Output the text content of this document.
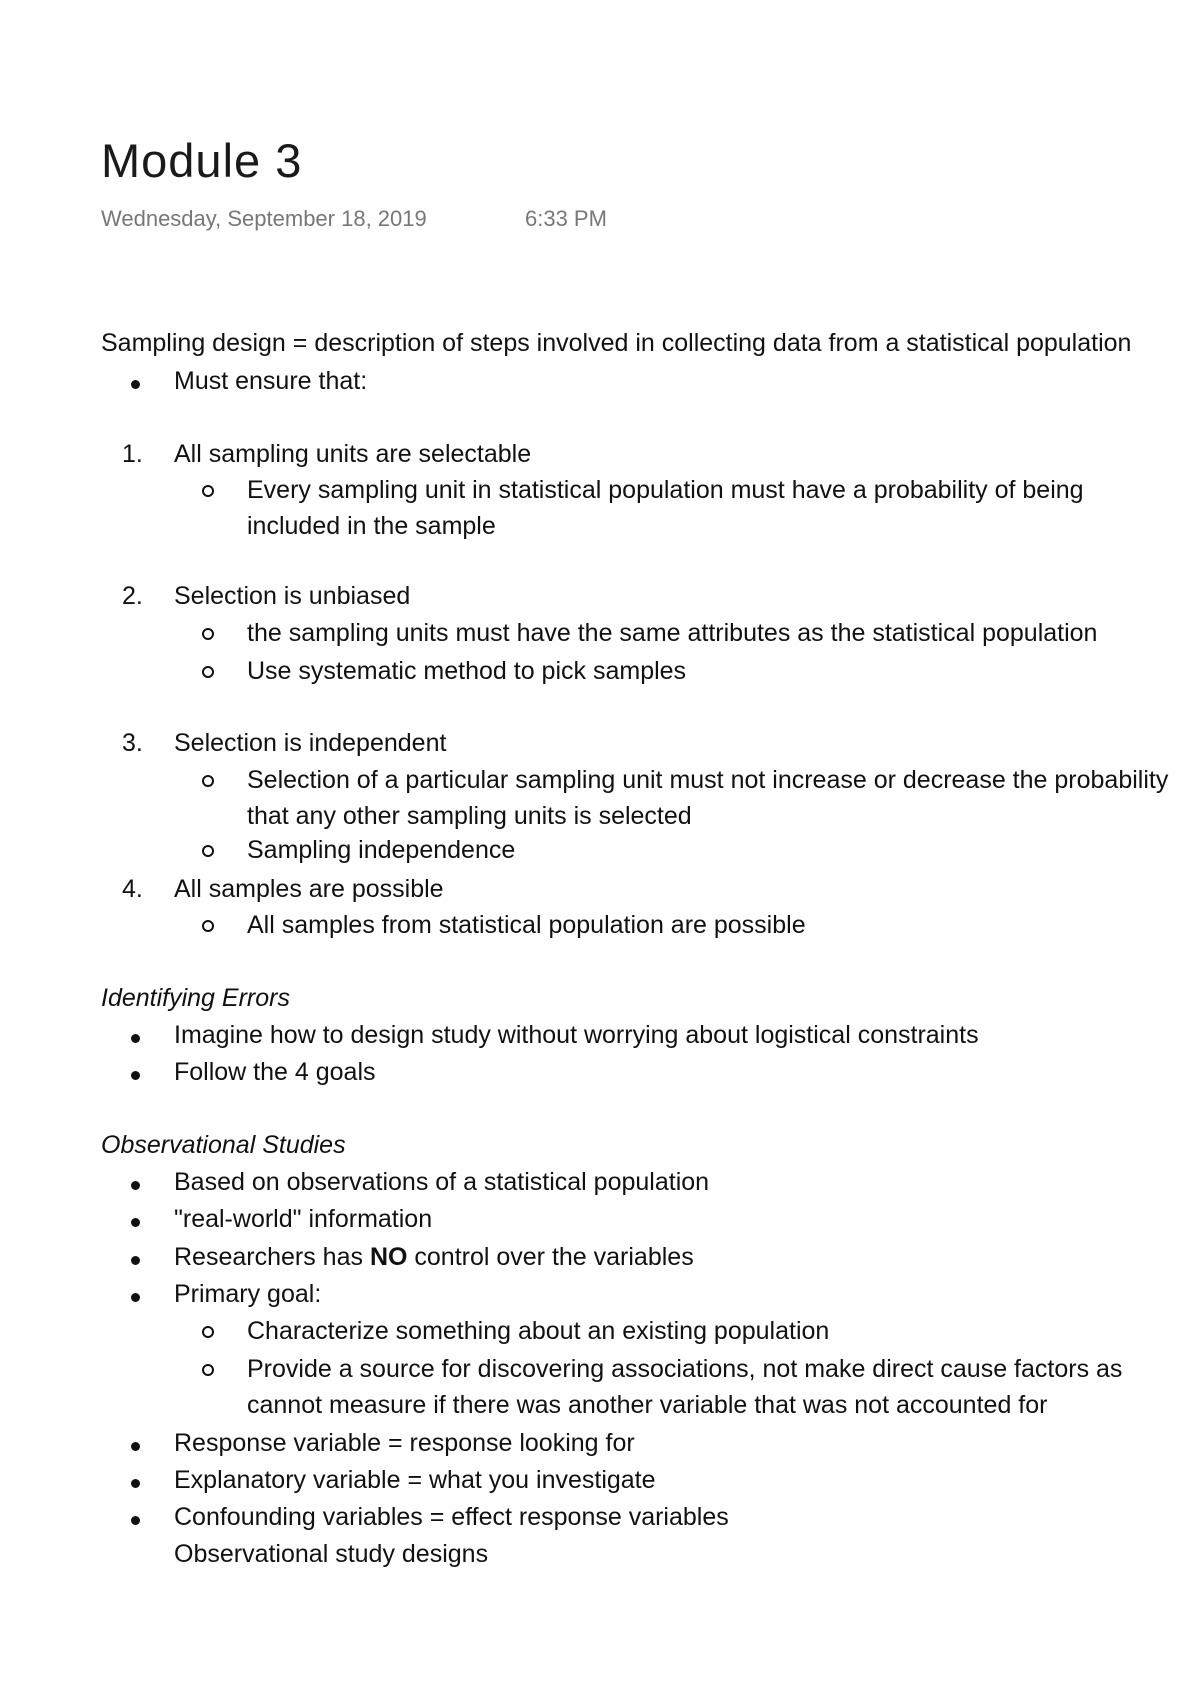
Module 3
Wednesday, September 18, 2019	6:33 PM
Sampling design = description of steps involved in collecting data from a statistical population
Must ensure that:
1. All sampling units are selectable
Every sampling unit in statistical population must have a probability of being
included in the sample
2. Selection is unbiased
the sampling units must have the same attributes as the statistical population
Use systematic method to pick samples
3. Selection is independent
Selection of a particular sampling unit must not increase or decrease the probability
that any other sampling units is selected
Sampling independence
4. All samples are possible
All samples from statistical population are possible
Identifying Errors
Imagine how to design study without worrying about logistical constraints
Follow the 4 goals
Observational Studies
Based on observations of a statistical population
"real-world" information
Researchers has NO control over the variables
Primary goal:
Characterize something about an existing population
Provide a source for discovering associations, not make direct cause factors as
cannot measure if there was another variable that was not accounted for
Response variable = response looking for
Explanatory variable = what you investigate
Confounding variables = effect response variables
Observational study designs
